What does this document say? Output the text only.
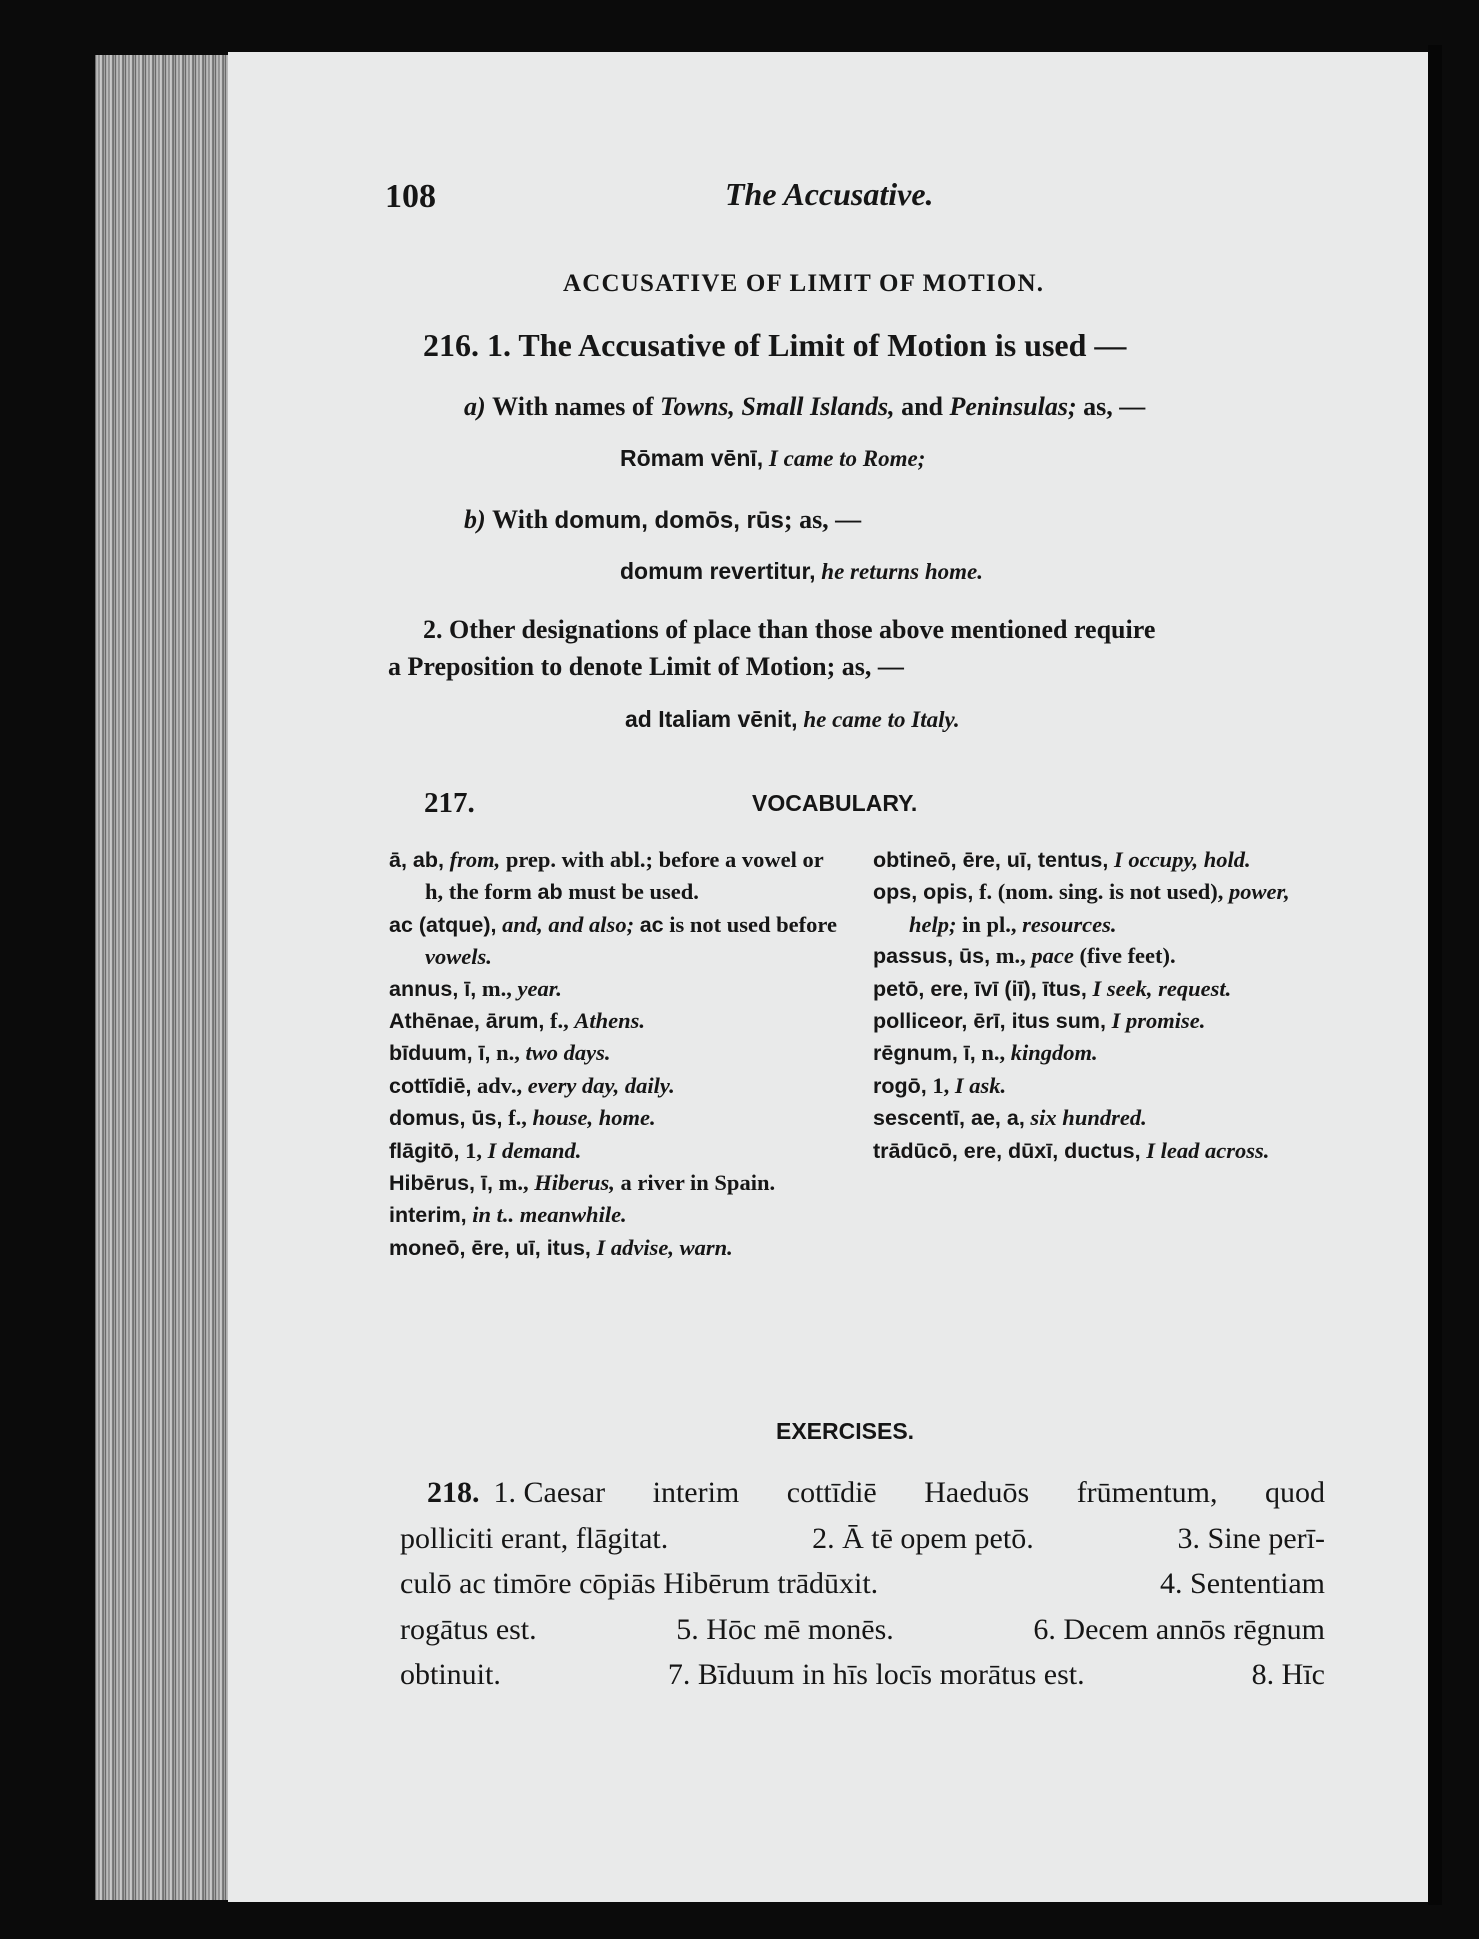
108	The Accusative.
ACCUSATIVE OF LIMIT OF MOTION.
216. 1. The Accusative of Limit of Motion is used —
a) With names of Towns, Small Islands, and Peninsulas; as, —
Rōmam vēnī, I came to Rome;
b) With domum, domōs, rūs; as, —
domum revertitur, he returns home.
2. Other designations of place than those above mentioned require
a Preposition to denote Limit of Motion; as, —
ad Italiam vēnit, he came to Italy.
217.	VOCABULARY.
ā, ab, from, prep. with abl.; before a vowel or h, the form ab must be used.
ac (atque), and, and also; ac is not used before vowels.
annus, ī, m., year.
Athēnae, ārum, f., Athens.
bīduum, ī, n., two days.
cottīdiē, adv., every day, daily.
domus, ūs, f., house, home.
flāgitō, 1, I demand.
Hibērus, ī, m., Hiberus, a river in Spain.
interim, in t.. meanwhile.
moneō, ēre, uī, itus, I advise, warn.
obtineō, ēre, uī, tentus, I occupy, hold.
ops, opis, f. (nom. sing. is not used), power, help; in pl., resources.
passus, ūs, m., pace (five feet).
petō, ere, īvī (iī), ītus, I seek, request.
polliceor, ērī, itus sum, I promise.
rēgnum, ī, n., kingdom.
rogō, 1, I ask.
sescentī, ae, a, six hundred.
trādūcō, ere, dūxī, ductus, I lead across.
EXERCISES.
218. 1. Caesar interim cottīdiē Haeduōs frūmentum, quod
polliciti erant, flāgitat.	2. Ā tē opem petō.	3. Sine perī-
culō ac timōre cōpiās Hibērum trādūxit.	4. Sententiam
rogātus est.	5. Hōc mē monēs.	6. Decem annōs rēgnum
obtinuit.	7. Bīduum in hīs locīs morātus est.	8. Hīc
